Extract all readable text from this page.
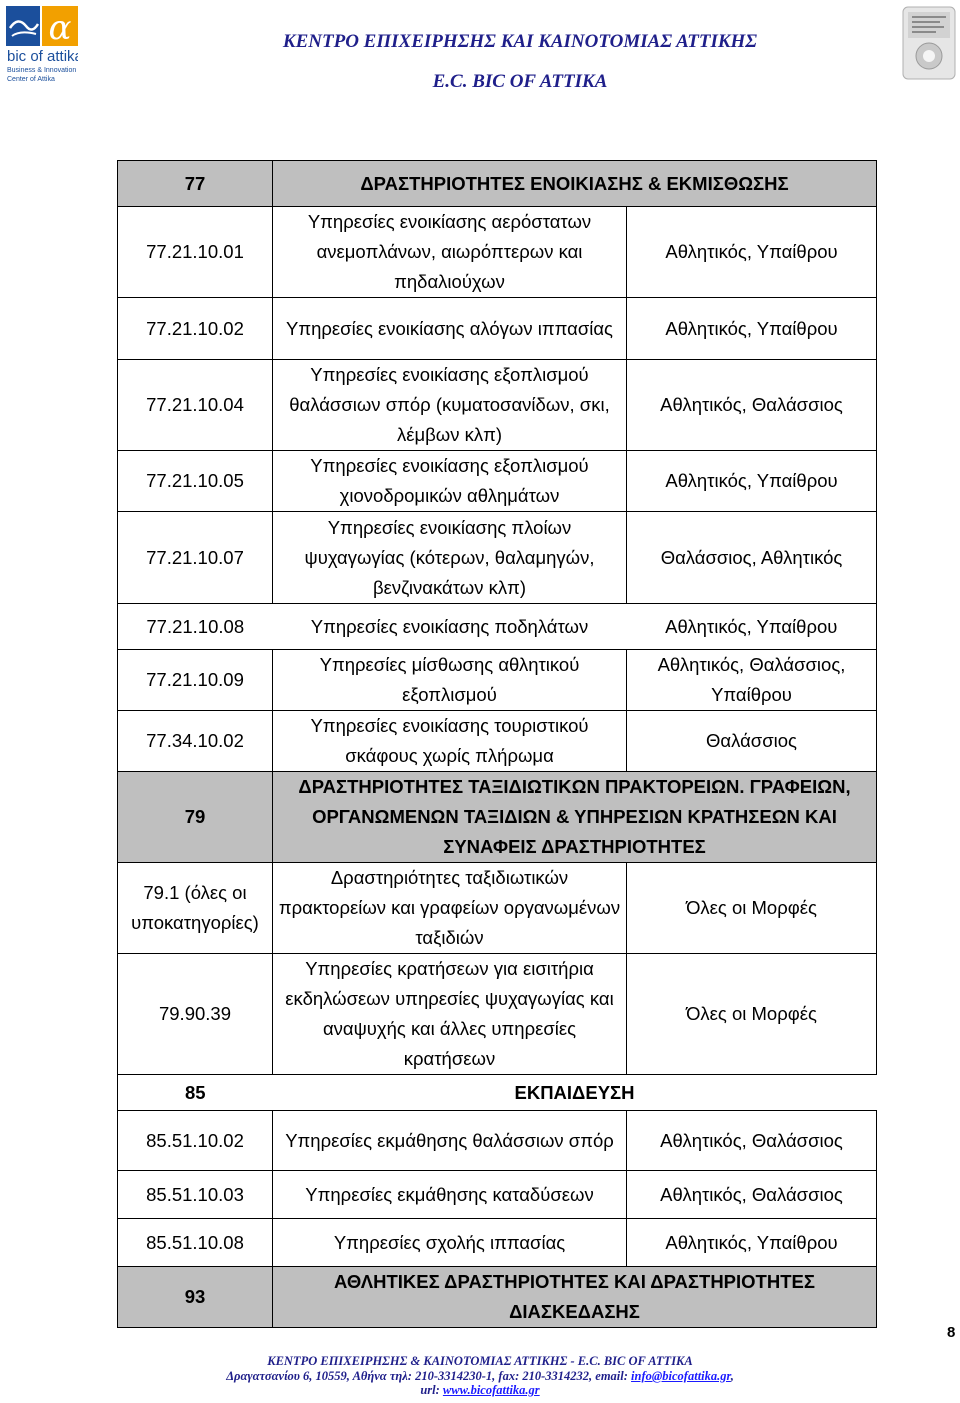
α
bic of attika
Business & Innovation
Center of Attika
ΚΕΝΤΡΟ ΕΠΙΧΕΙΡΗΣΗΣ ΚΑΙ ΚΑΙΝΟΤΟΜΙΑΣ ΑΤΤΙΚΗΣ
E.C. BIC OF ATTIKA
77	ΔΡΑΣΤΗΡΙΟΤΗΤΕΣ ΕΝΟΙΚΙΑΣΗΣ & ΕΚΜΙΣΘΩΣΗΣ	
77.21.10.01	Υπηρεσίες ενοικίασης αερόστατων ανεμοπλάνων, αιωρόπτερων και πηδαλιούχων	Αθλητικός, Υπαίθρου
77.21.10.02	Υπηρεσίες ενοικίασης αλόγων ιππασίας	Αθλητικός, Υπαίθρου
77.21.10.04	Υπηρεσίες ενοικίασης εξοπλισμού θαλάσσιων σπόρ (κυματοσανίδων, σκι, λέμβων κλπ)	Αθλητικός, Θαλάσσιος
77.21.10.05	Υπηρεσίες ενοικίασης εξοπλισμού χιονοδρομικών αθλημάτων	Αθλητικός, Υπαίθρου
77.21.10.07	Υπηρεσίες ενοικίασης πλοίων ψυχαγωγίας (κότερων, θαλαμηγών, βενζινακάτων κλπ)	Θαλάσσιος, Αθλητικός
77.21.10.08	Υπηρεσίες ενοικίασης ποδηλάτων	Αθλητικός, Υπαίθρου
77.21.10.09	Υπηρεσίες μίσθωσης αθλητικού εξοπλισμού	Αθλητικός, Θαλάσσιος, Υπαίθρου
77.34.10.02	Υπηρεσίες ενοικίασης τουριστικού σκάφους χωρίς πλήρωμα	Θαλάσσιος
79	ΔΡΑΣΤΗΡΙΟΤΗΤΕΣ ΤΑΞΙΔΙΩΤΙΚΩΝ ΠΡΑΚΤΟΡΕΙΩΝ. ΓΡΑΦΕΙΩΝ, ΟΡΓΑΝΩΜΕΝΩΝ ΤΑΞΙΔΙΩΝ & ΥΠΗΡΕΣΙΩΝ ΚΡΑΤΗΣΕΩΝ ΚΑΙ ΣΥΝΑΦΕΙΣ ΔΡΑΣΤΗΡΙΟΤΗΤΕΣ	
79.1 (όλες οι υποκατηγορίες)	Δραστηριότητες ταξιδιωτικών πρακτορείων και γραφείων οργανωμένων ταξιδιών	Όλες οι Μορφές
79.90.39	Υπηρεσίες κρατήσεων για εισιτήρια εκδηλώσεων υπηρεσίες ψυχαγωγίας και αναψυχής και άλλες υπηρεσίες κρατήσεων	Όλες οι Μορφές
85	ΕΚΠΑΙΔΕΥΣΗ	
85.51.10.02	Υπηρεσίες εκμάθησης θαλάσσιων σπόρ	Αθλητικός, Θαλάσσιος
85.51.10.03	Υπηρεσίες εκμάθησης καταδύσεων	Αθλητικός, Θαλάσσιος
85.51.10.08	Υπηρεσίες σχολής ιππασίας	Αθλητικός, Υπαίθρου
93	ΑΘΛΗΤΙΚΕΣ ΔΡΑΣΤΗΡΙΟΤΗΤΕΣ ΚΑΙ ΔΡΑΣΤΗΡΙΟΤΗΤΕΣ ΔΙΑΣΚΕΔΑΣΗΣ	
8
ΚΕΝΤΡΟ ΕΠΙΧΕΙΡΗΣΗΣ & ΚΑΙΝΟΤΟΜΙΑΣ ΑΤΤΙΚΗΣ - E.C. BIC OF ATTIKA
Δραγατσανίου 6, 10559, Αθήνα τηλ: 210-3314230-1, fax: 210-3314232, email: info@bicofattika.gr,
url: www.bicofattika.gr
